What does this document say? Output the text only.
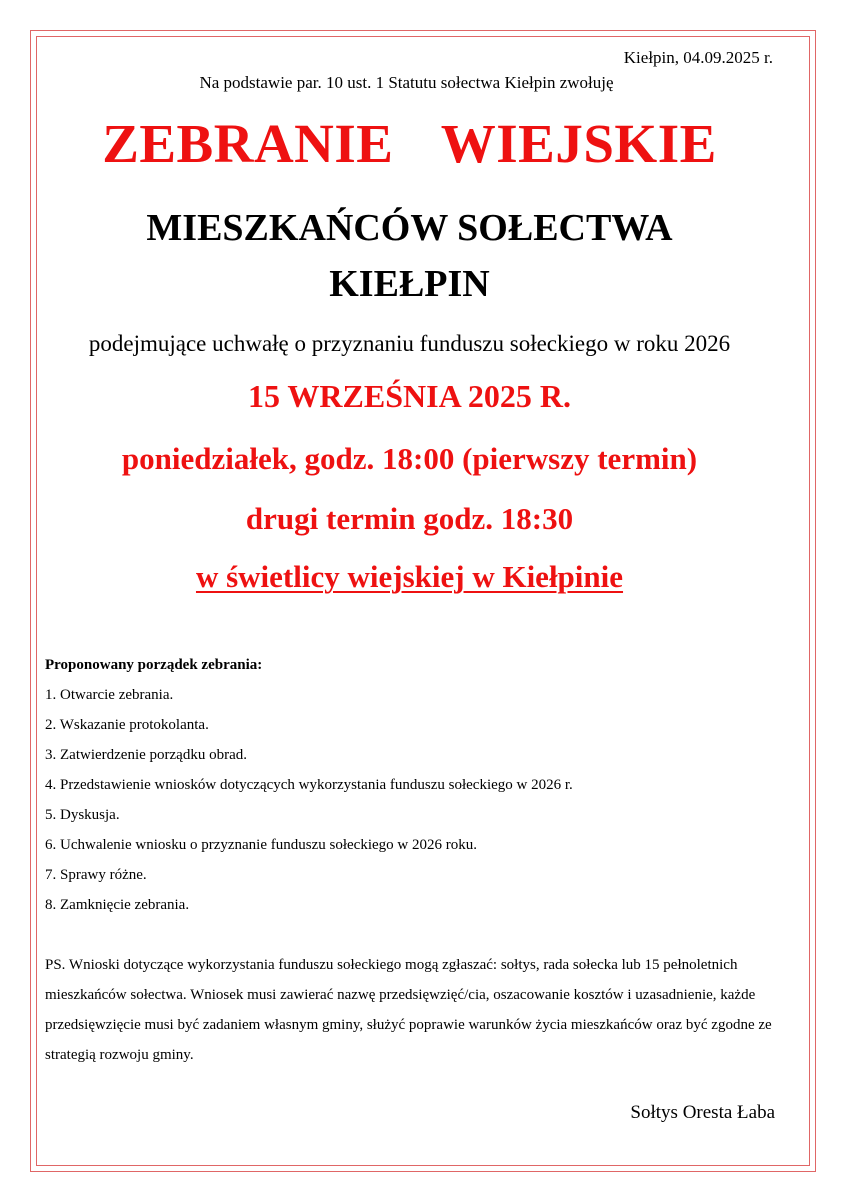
Kiełpin, 04.09.2025 r.
Na podstawie par. 10 ust. 1 Statutu sołectwa Kiełpin zwołuję
ZEBRANIE WIEJSKIE
MIESZKAŃCÓW SOŁECTWA
KIEŁPIN
podejmujące uchwałę o przyznaniu funduszu sołeckiego w roku 2026
15 WRZEŚNIA 2025 R.
poniedziałek, godz. 18:00 (pierwszy termin)
drugi termin godz. 18:30
w świetlicy wiejskiej w Kiełpinie
Proponowany porządek zebrania:
1. Otwarcie zebrania.
2. Wskazanie protokolanta.
3. Zatwierdzenie porządku obrad.
4. Przedstawienie wniosków dotyczących wykorzystania funduszu sołeckiego w 2026 r.
5. Dyskusja.
6. Uchwalenie wniosku o przyznanie funduszu sołeckiego w 2026 roku.
7. Sprawy różne.
8. Zamknięcie zebrania.
PS. Wnioski dotyczące wykorzystania funduszu sołeckiego mogą zgłaszać: sołtys, rada sołecka lub 15 pełnoletnich mieszkańców sołectwa. Wniosek musi zawierać nazwę przedsięwzięć/cia, oszacowanie kosztów i uzasadnienie, każde przedsięwzięcie musi być zadaniem własnym gminy, służyć poprawie warunków życia mieszkańców oraz być zgodne ze strategią rozwoju gminy.
Sołtys Oresta Łaba
